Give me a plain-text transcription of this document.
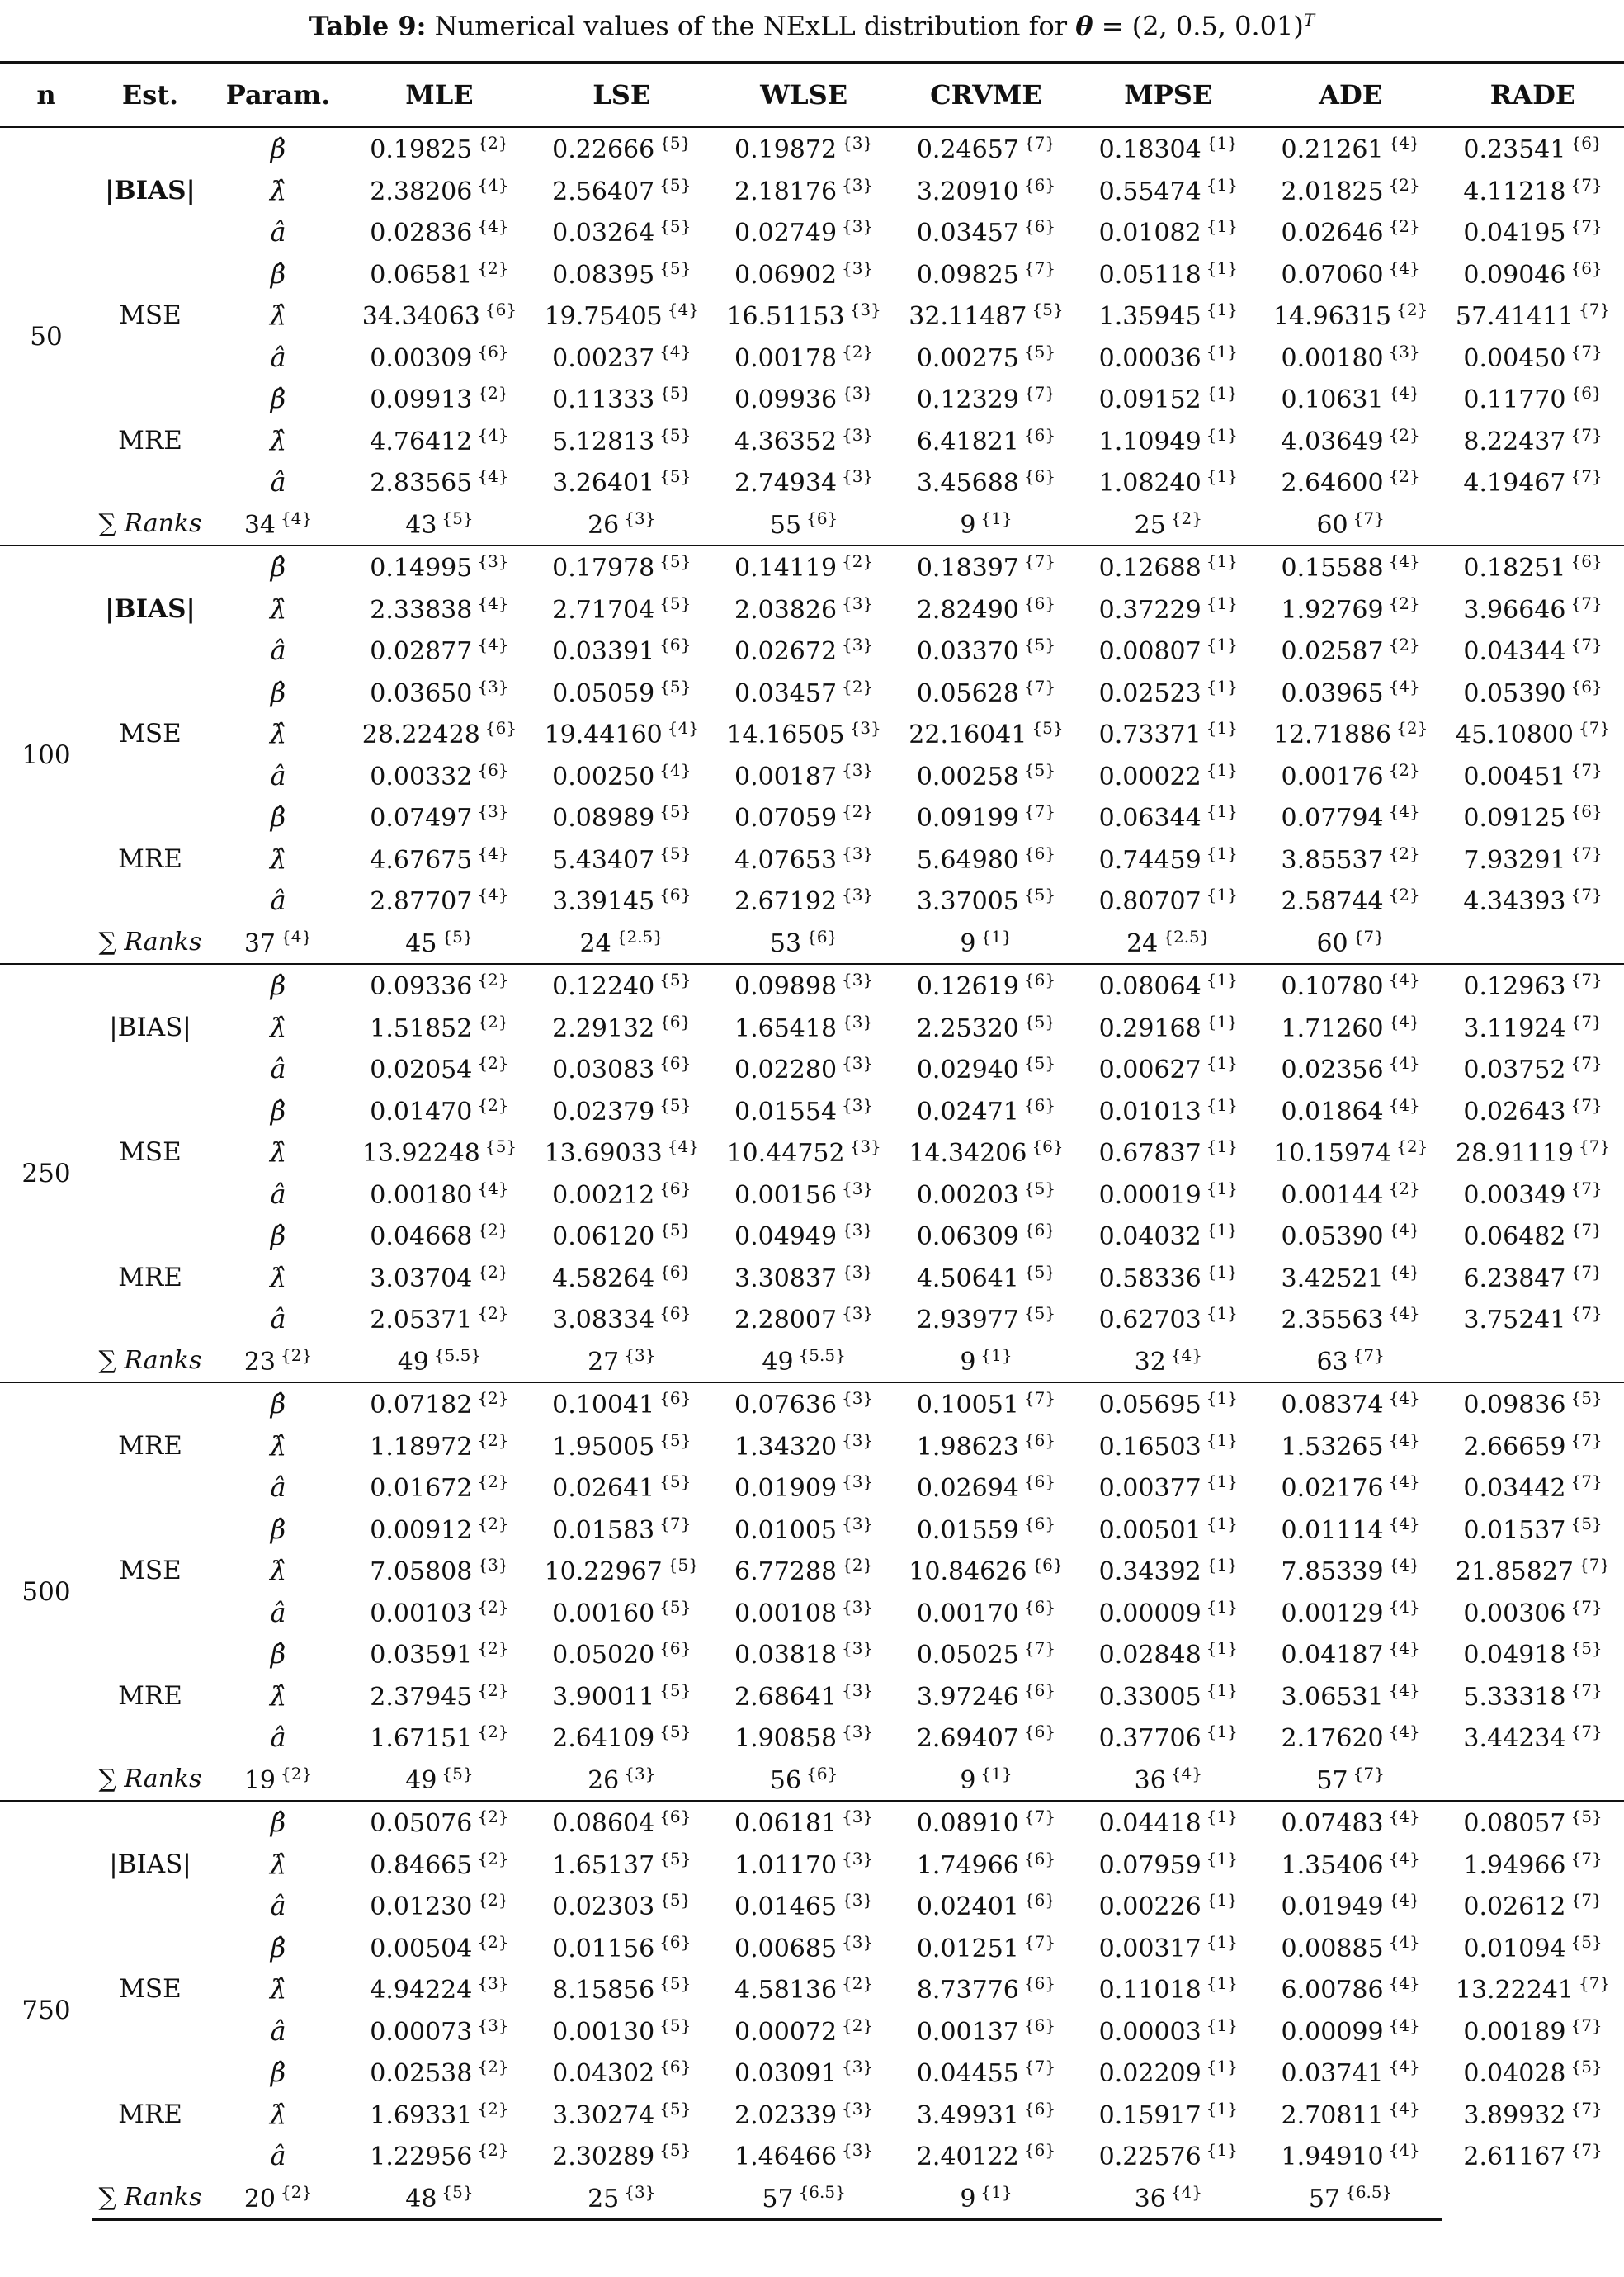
Table 9: Numerical values of the NExLL distribution for θ = (2, 0.5, 0.01)$^T$
n	Est.	Param.	MLE	LSE	WLSE	CRVME	MPSE	ADE	RADE
50	|BIAS|	β̂	0.19825 $^{\{2\}}$	0.22666 $^{\{5\}}$	0.19872 $^{\{3\}}$	0.24657 $^{\{7\}}$	0.18304 $^{\{1\}}$	0.21261 $^{\{4\}}$	0.23541 $^{\{6\}}$
		λ̂	2.38206 $^{\{4\}}$	2.56407 $^{\{5\}}$	2.18176 $^{\{3\}}$	3.20910 $^{\{6\}}$	0.55474 $^{\{1\}}$	2.01825 $^{\{2\}}$	4.11218 $^{\{7\}}$
		â	0.02836 $^{\{4\}}$	0.03264 $^{\{5\}}$	0.02749 $^{\{3\}}$	0.03457 $^{\{6\}}$	0.01082 $^{\{1\}}$	0.02646 $^{\{2\}}$	0.04195 $^{\{7\}}$
	MSE	β̂	0.06581 $^{\{2\}}$	0.08395 $^{\{5\}}$	0.06902 $^{\{3\}}$	0.09825 $^{\{7\}}$	0.05118 $^{\{1\}}$	0.07060 $^{\{4\}}$	0.09046 $^{\{6\}}$
		λ̂	34.34063 $^{\{6\}}$	19.75405 $^{\{4\}}$	16.51153 $^{\{3\}}$	32.11487 $^{\{5\}}$	1.35945 $^{\{1\}}$	14.96315 $^{\{2\}}$	57.41411 $^{\{7\}}$
		â	0.00309 $^{\{6\}}$	0.00237 $^{\{4\}}$	0.00178 $^{\{2\}}$	0.00275 $^{\{5\}}$	0.00036 $^{\{1\}}$	0.00180 $^{\{3\}}$	0.00450 $^{\{7\}}$
	MRE	β̂	0.09913 $^{\{2\}}$	0.11333 $^{\{5\}}$	0.09936 $^{\{3\}}$	0.12329 $^{\{7\}}$	0.09152 $^{\{1\}}$	0.10631 $^{\{4\}}$	0.11770 $^{\{6\}}$
		λ̂	4.76412 $^{\{4\}}$	5.12813 $^{\{5\}}$	4.36352 $^{\{3\}}$	6.41821 $^{\{6\}}$	1.10949 $^{\{1\}}$	4.03649 $^{\{2\}}$	8.22437 $^{\{7\}}$
		â	2.83565 $^{\{4\}}$	3.26401 $^{\{5\}}$	2.74934 $^{\{3\}}$	3.45688 $^{\{6\}}$	1.08240 $^{\{1\}}$	2.64600 $^{\{2\}}$	4.19467 $^{\{7\}}$
	∑ Ranks	34 $^{\{4\}}$	43 $^{\{5\}}$	26 $^{\{3\}}$	55 $^{\{6\}}$	9 $^{\{1\}}$	25 $^{\{2\}}$	60 $^{\{7\}}$
100	|BIAS|	β̂	0.14995 $^{\{3\}}$	0.17978 $^{\{5\}}$	0.14119 $^{\{2\}}$	0.18397 $^{\{7\}}$	0.12688 $^{\{1\}}$	0.15588 $^{\{4\}}$	0.18251 $^{\{6\}}$
		λ̂	2.33838 $^{\{4\}}$	2.71704 $^{\{5\}}$	2.03826 $^{\{3\}}$	2.82490 $^{\{6\}}$	0.37229 $^{\{1\}}$	1.92769 $^{\{2\}}$	3.96646 $^{\{7\}}$
		â	0.02877 $^{\{4\}}$	0.03391 $^{\{6\}}$	0.02672 $^{\{3\}}$	0.03370 $^{\{5\}}$	0.00807 $^{\{1\}}$	0.02587 $^{\{2\}}$	0.04344 $^{\{7\}}$
	MSE	β̂	0.03650 $^{\{3\}}$	0.05059 $^{\{5\}}$	0.03457 $^{\{2\}}$	0.05628 $^{\{7\}}$	0.02523 $^{\{1\}}$	0.03965 $^{\{4\}}$	0.05390 $^{\{6\}}$
		λ̂	28.22428 $^{\{6\}}$	19.44160 $^{\{4\}}$	14.16505 $^{\{3\}}$	22.16041 $^{\{5\}}$	0.73371 $^{\{1\}}$	12.71886 $^{\{2\}}$	45.10800 $^{\{7\}}$
		â	0.00332 $^{\{6\}}$	0.00250 $^{\{4\}}$	0.00187 $^{\{3\}}$	0.00258 $^{\{5\}}$	0.00022 $^{\{1\}}$	0.00176 $^{\{2\}}$	0.00451 $^{\{7\}}$
	MRE	β̂	0.07497 $^{\{3\}}$	0.08989 $^{\{5\}}$	0.07059 $^{\{2\}}$	0.09199 $^{\{7\}}$	0.06344 $^{\{1\}}$	0.07794 $^{\{4\}}$	0.09125 $^{\{6\}}$
		λ̂	4.67675 $^{\{4\}}$	5.43407 $^{\{5\}}$	4.07653 $^{\{3\}}$	5.64980 $^{\{6\}}$	0.74459 $^{\{1\}}$	3.85537 $^{\{2\}}$	7.93291 $^{\{7\}}$
		â	2.87707 $^{\{4\}}$	3.39145 $^{\{6\}}$	2.67192 $^{\{3\}}$	3.37005 $^{\{5\}}$	0.80707 $^{\{1\}}$	2.58744 $^{\{2\}}$	4.34393 $^{\{7\}}$
	∑ Ranks	37 $^{\{4\}}$	45 $^{\{5\}}$	24 $^{\{2.5\}}$	53 $^{\{6\}}$	9 $^{\{1\}}$	24 $^{\{2.5\}}$	60 $^{\{7\}}$
250	|BIAS|	β̂	0.09336 $^{\{2\}}$	0.12240 $^{\{5\}}$	0.09898 $^{\{3\}}$	0.12619 $^{\{6\}}$	0.08064 $^{\{1\}}$	0.10780 $^{\{4\}}$	0.12963 $^{\{7\}}$
		λ̂	1.51852 $^{\{2\}}$	2.29132 $^{\{6\}}$	1.65418 $^{\{3\}}$	2.25320 $^{\{5\}}$	0.29168 $^{\{1\}}$	1.71260 $^{\{4\}}$	3.11924 $^{\{7\}}$
		â	0.02054 $^{\{2\}}$	0.03083 $^{\{6\}}$	0.02280 $^{\{3\}}$	0.02940 $^{\{5\}}$	0.00627 $^{\{1\}}$	0.02356 $^{\{4\}}$	0.03752 $^{\{7\}}$
	MSE	β̂	0.01470 $^{\{2\}}$	0.02379 $^{\{5\}}$	0.01554 $^{\{3\}}$	0.02471 $^{\{6\}}$	0.01013 $^{\{1\}}$	0.01864 $^{\{4\}}$	0.02643 $^{\{7\}}$
		λ̂	13.92248 $^{\{5\}}$	13.69033 $^{\{4\}}$	10.44752 $^{\{3\}}$	14.34206 $^{\{6\}}$	0.67837 $^{\{1\}}$	10.15974 $^{\{2\}}$	28.91119 $^{\{7\}}$
		â	0.00180 $^{\{4\}}$	0.00212 $^{\{6\}}$	0.00156 $^{\{3\}}$	0.00203 $^{\{5\}}$	0.00019 $^{\{1\}}$	0.00144 $^{\{2\}}$	0.00349 $^{\{7\}}$
	MRE	β̂	0.04668 $^{\{2\}}$	0.06120 $^{\{5\}}$	0.04949 $^{\{3\}}$	0.06309 $^{\{6\}}$	0.04032 $^{\{1\}}$	0.05390 $^{\{4\}}$	0.06482 $^{\{7\}}$
		λ̂	3.03704 $^{\{2\}}$	4.58264 $^{\{6\}}$	3.30837 $^{\{3\}}$	4.50641 $^{\{5\}}$	0.58336 $^{\{1\}}$	3.42521 $^{\{4\}}$	6.23847 $^{\{7\}}$
		â	2.05371 $^{\{2\}}$	3.08334 $^{\{6\}}$	2.28007 $^{\{3\}}$	2.93977 $^{\{5\}}$	0.62703 $^{\{1\}}$	2.35563 $^{\{4\}}$	3.75241 $^{\{7\}}$
	∑ Ranks	23 $^{\{2\}}$	49 $^{\{5.5\}}$	27 $^{\{3\}}$	49 $^{\{5.5\}}$	9 $^{\{1\}}$	32 $^{\{4\}}$	63 $^{\{7\}}$
500	MRE	β̂	0.07182 $^{\{2\}}$	0.10041 $^{\{6\}}$	0.07636 $^{\{3\}}$	0.10051 $^{\{7\}}$	0.05695 $^{\{1\}}$	0.08374 $^{\{4\}}$	0.09836 $^{\{5\}}$
		λ̂	1.18972 $^{\{2\}}$	1.95005 $^{\{5\}}$	1.34320 $^{\{3\}}$	1.98623 $^{\{6\}}$	0.16503 $^{\{1\}}$	1.53265 $^{\{4\}}$	2.66659 $^{\{7\}}$
		â	0.01672 $^{\{2\}}$	0.02641 $^{\{5\}}$	0.01909 $^{\{3\}}$	0.02694 $^{\{6\}}$	0.00377 $^{\{1\}}$	0.02176 $^{\{4\}}$	0.03442 $^{\{7\}}$
	MSE	β̂	0.00912 $^{\{2\}}$	0.01583 $^{\{7\}}$	0.01005 $^{\{3\}}$	0.01559 $^{\{6\}}$	0.00501 $^{\{1\}}$	0.01114 $^{\{4\}}$	0.01537 $^{\{5\}}$
		λ̂	7.05808 $^{\{3\}}$	10.22967 $^{\{5\}}$	6.77288 $^{\{2\}}$	10.84626 $^{\{6\}}$	0.34392 $^{\{1\}}$	7.85339 $^{\{4\}}$	21.85827 $^{\{7\}}$
		â	0.00103 $^{\{2\}}$	0.00160 $^{\{5\}}$	0.00108 $^{\{3\}}$	0.00170 $^{\{6\}}$	0.00009 $^{\{1\}}$	0.00129 $^{\{4\}}$	0.00306 $^{\{7\}}$
	MRE	β̂	0.03591 $^{\{2\}}$	0.05020 $^{\{6\}}$	0.03818 $^{\{3\}}$	0.05025 $^{\{7\}}$	0.02848 $^{\{1\}}$	0.04187 $^{\{4\}}$	0.04918 $^{\{5\}}$
		λ̂	2.37945 $^{\{2\}}$	3.90011 $^{\{5\}}$	2.68641 $^{\{3\}}$	3.97246 $^{\{6\}}$	0.33005 $^{\{1\}}$	3.06531 $^{\{4\}}$	5.33318 $^{\{7\}}$
		â	1.67151 $^{\{2\}}$	2.64109 $^{\{5\}}$	1.90858 $^{\{3\}}$	2.69407 $^{\{6\}}$	0.37706 $^{\{1\}}$	2.17620 $^{\{4\}}$	3.44234 $^{\{7\}}$
	∑ Ranks	19 $^{\{2\}}$	49 $^{\{5\}}$	26 $^{\{3\}}$	56 $^{\{6\}}$	9 $^{\{1\}}$	36 $^{\{4\}}$	57 $^{\{7\}}$
750	|BIAS|	β̂	0.05076 $^{\{2\}}$	0.08604 $^{\{6\}}$	0.06181 $^{\{3\}}$	0.08910 $^{\{7\}}$	0.04418 $^{\{1\}}$	0.07483 $^{\{4\}}$	0.08057 $^{\{5\}}$
		λ̂	0.84665 $^{\{2\}}$	1.65137 $^{\{5\}}$	1.01170 $^{\{3\}}$	1.74966 $^{\{6\}}$	0.07959 $^{\{1\}}$	1.35406 $^{\{4\}}$	1.94966 $^{\{7\}}$
		â	0.01230 $^{\{2\}}$	0.02303 $^{\{5\}}$	0.01465 $^{\{3\}}$	0.02401 $^{\{6\}}$	0.00226 $^{\{1\}}$	0.01949 $^{\{4\}}$	0.02612 $^{\{7\}}$
	MSE	β̂	0.00504 $^{\{2\}}$	0.01156 $^{\{6\}}$	0.00685 $^{\{3\}}$	0.01251 $^{\{7\}}$	0.00317 $^{\{1\}}$	0.00885 $^{\{4\}}$	0.01094 $^{\{5\}}$
		λ̂	4.94224 $^{\{3\}}$	8.15856 $^{\{5\}}$	4.58136 $^{\{2\}}$	8.73776 $^{\{6\}}$	0.11018 $^{\{1\}}$	6.00786 $^{\{4\}}$	13.22241 $^{\{7\}}$
		â	0.00073 $^{\{3\}}$	0.00130 $^{\{5\}}$	0.00072 $^{\{2\}}$	0.00137 $^{\{6\}}$	0.00003 $^{\{1\}}$	0.00099 $^{\{4\}}$	0.00189 $^{\{7\}}$
	MRE	β̂	0.02538 $^{\{2\}}$	0.04302 $^{\{6\}}$	0.03091 $^{\{3\}}$	0.04455 $^{\{7\}}$	0.02209 $^{\{1\}}$	0.03741 $^{\{4\}}$	0.04028 $^{\{5\}}$
		λ̂	1.69331 $^{\{2\}}$	3.30274 $^{\{5\}}$	2.02339 $^{\{3\}}$	3.49931 $^{\{6\}}$	0.15917 $^{\{1\}}$	2.70811 $^{\{4\}}$	3.89932 $^{\{7\}}$
		â	1.22956 $^{\{2\}}$	2.30289 $^{\{5\}}$	1.46466 $^{\{3\}}$	2.40122 $^{\{6\}}$	0.22576 $^{\{1\}}$	1.94910 $^{\{4\}}$	2.61167 $^{\{7\}}$
	∑ Ranks	20 $^{\{2\}}$	48 $^{\{5\}}$	25 $^{\{3\}}$	57 $^{\{6.5\}}$	9 $^{\{1\}}$	36 $^{\{4\}}$	57 $^{\{6.5\}}$
